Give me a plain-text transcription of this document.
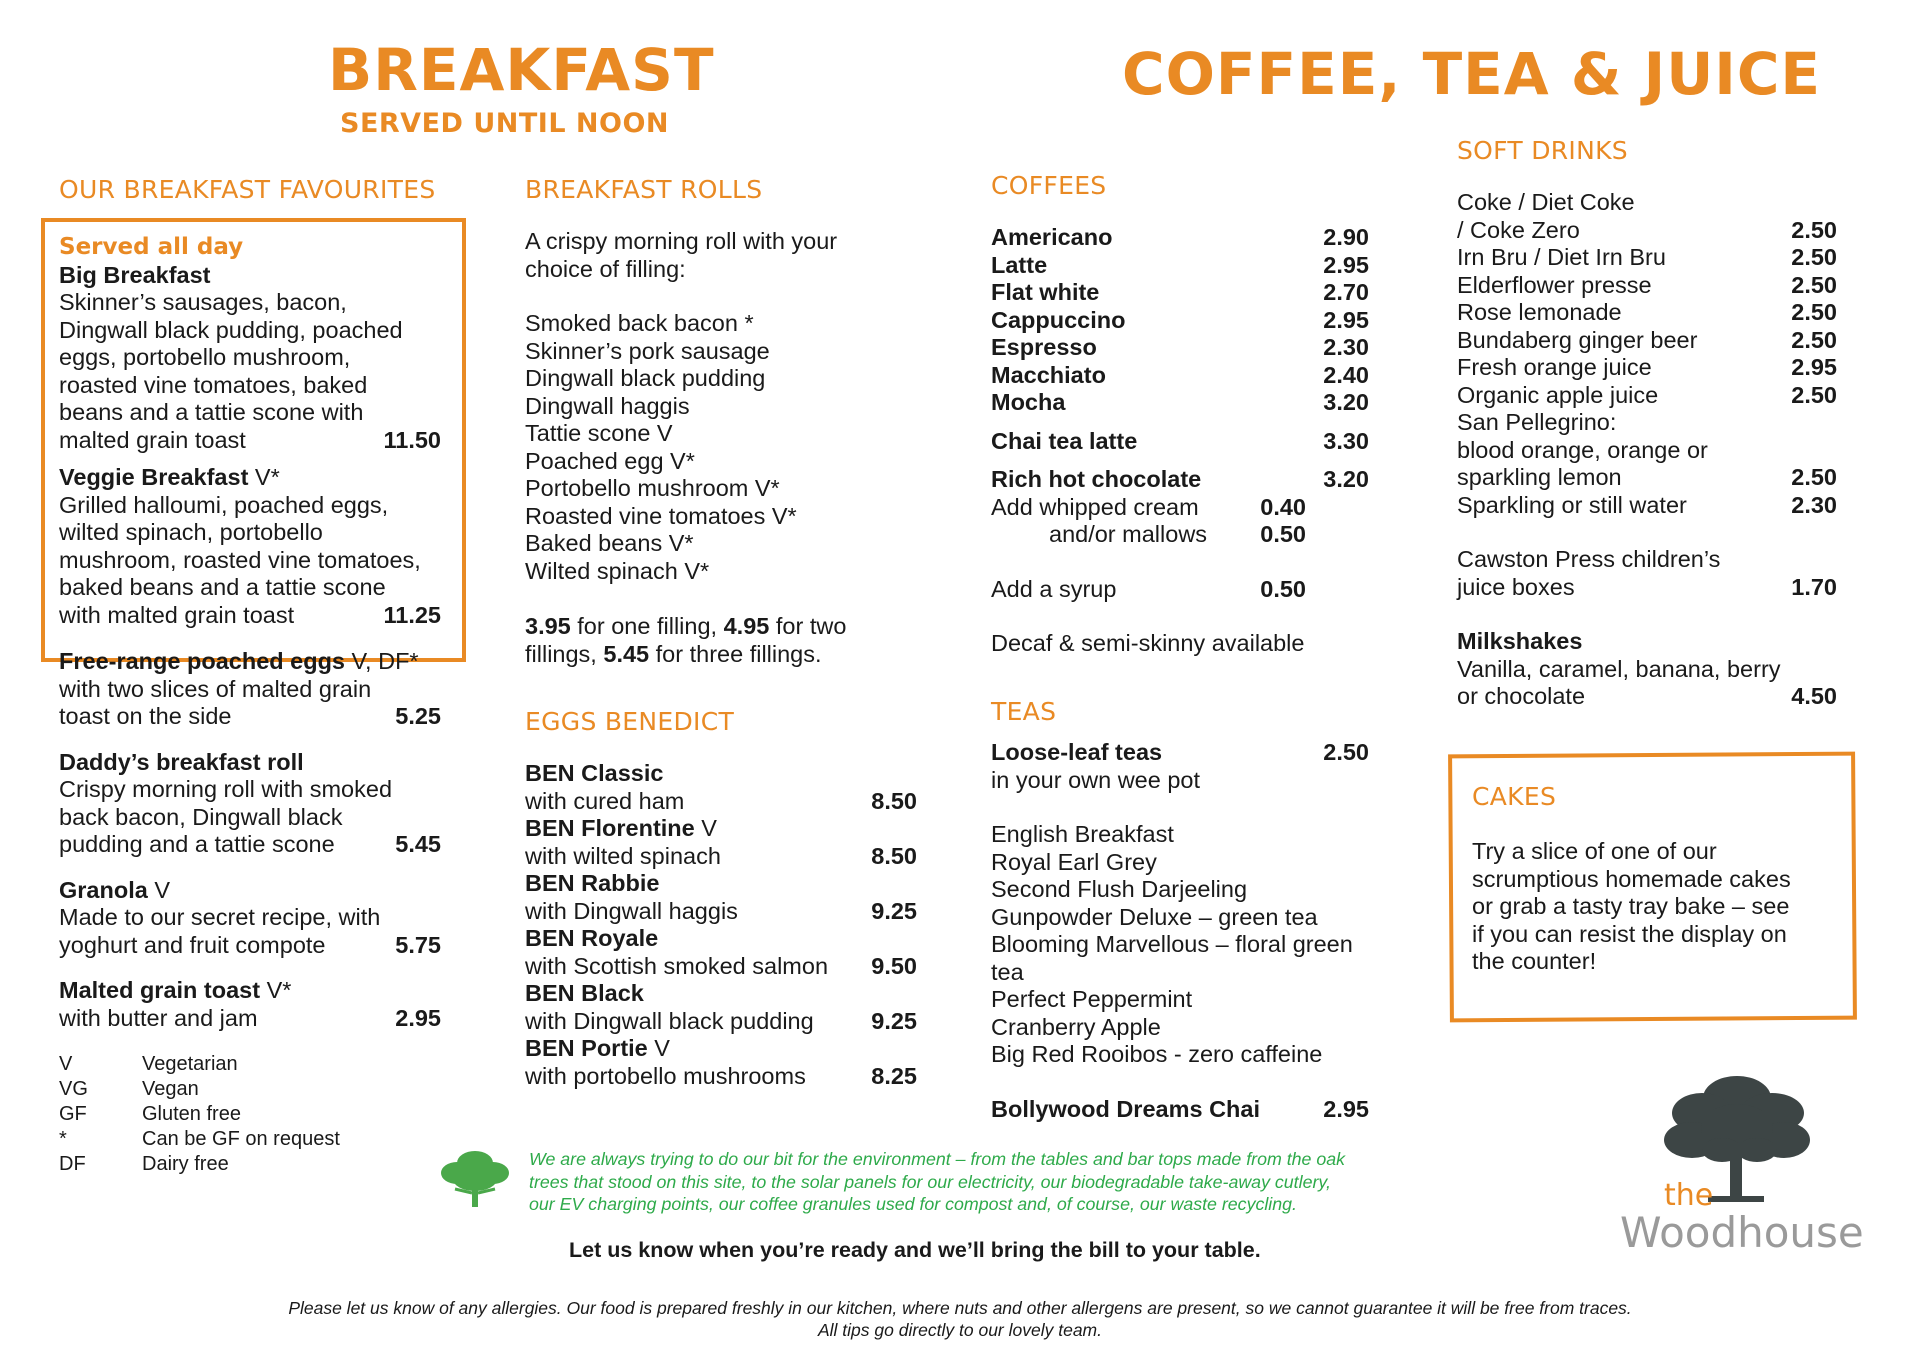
BREAKFAST
SERVED UNTIL NOON
COFFEE, TEA & JUICE
OUR BREAKFAST FAVOURITES
Served all day
Big Breakfast
Skinner’s sausages, bacon,
Dingwall black pudding, poached
eggs, portobello mushroom,
roasted vine tomatoes, baked
beans and a tattie scone with
malted grain toast	11.50
Veggie Breakfast V*
Grilled halloumi, poached eggs,
wilted spinach, portobello
mushroom, roasted vine tomatoes,
baked beans and a tattie scone
with malted grain toast	11.25
Free-range poached eggs V, DF*
with two slices of malted grain
toast on the side	5.25
Daddy’s breakfast roll
Crispy morning roll with smoked
back bacon, Dingwall black
pudding and a tattie scone	5.45
Granola V
Made to our secret recipe, with
yoghurt and fruit compote	5.75
Malted grain toast V*
with butter and jam	2.95
V	Vegetarian
VG	Vegan
GF	Gluten free
*	Can be GF on request
DF	Dairy free
BREAKFAST ROLLS
A crispy morning roll with your
choice of filling:
Smoked back bacon *
Skinner’s pork sausage
Dingwall black pudding
Dingwall haggis
Tattie scone V
Poached egg V*
Portobello mushroom V*
Roasted vine tomatoes V*
Baked beans V*
Wilted spinach V*
3.95 for one filling, 4.95 for two
fillings, 5.45 for three fillings.
EGGS BENEDICT
BEN Classic
with cured ham	8.50
BEN Florentine V
with wilted spinach	8.50
BEN Rabbie
with Dingwall haggis	9.25
BEN Royale
with Scottish smoked salmon 9.50
BEN Black
with Dingwall black pudding 9.25
BEN Portie V
with portobello mushrooms	8.25
COFFEES
Americano	2.90
Latte	2.95
Flat white	2.70
Cappuccino	2.95
Espresso	2.30
Macchiato	2.40
Mocha	3.20
Chai tea latte	3.30
Rich hot chocolate	3.20
Add whipped cream	0.40
and/or mallows 0.50
Add a syrup	0.50
Decaf & semi-skinny available
TEAS
Loose-leaf teas	2.50
in your own wee pot
English Breakfast
Royal Earl Grey
Second Flush Darjeeling
Gunpowder Deluxe – green tea
Blooming Marvellous – floral green
tea
Perfect Peppermint
Cranberry Apple
Big Red Rooibos - zero caffeine
Bollywood Dreams Chai	2.95
SOFT DRINKS
Coke / Diet Coke
/ Coke Zero	2.50
Irn Bru / Diet Irn Bru	2.50
Elderflower presse	2.50
Rose lemonade	2.50
Bundaberg ginger beer	2.50
Fresh orange juice	2.95
Organic apple juice	2.50
San Pellegrino:
blood orange, orange or
sparkling lemon	2.50
Sparkling or still water	2.30
Cawston Press children’s
juice boxes	1.70
Milkshakes
Vanilla, caramel, banana, berry
or chocolate	4.50
CAKES
Try a slice of one of our
scrumptious homemade cakes
or grab a tasty tray bake – see
if you can resist the display on
the counter!
the
Woodhouse
We are always trying to do our bit for the environment – from the tables and bar tops made from the oak
trees that stood on this site, to the solar panels for our electricity, our biodegradable take-away cutlery,
our EV charging points, our coffee granules used for compost and, of course, our waste recycling.
Let us know when you’re ready and we’ll bring the bill to your table.
Please let us know of any allergies. Our food is prepared freshly in our kitchen, where nuts and other allergens are present, so we cannot guarantee it will be free from traces.
All tips go directly to our lovely team.
